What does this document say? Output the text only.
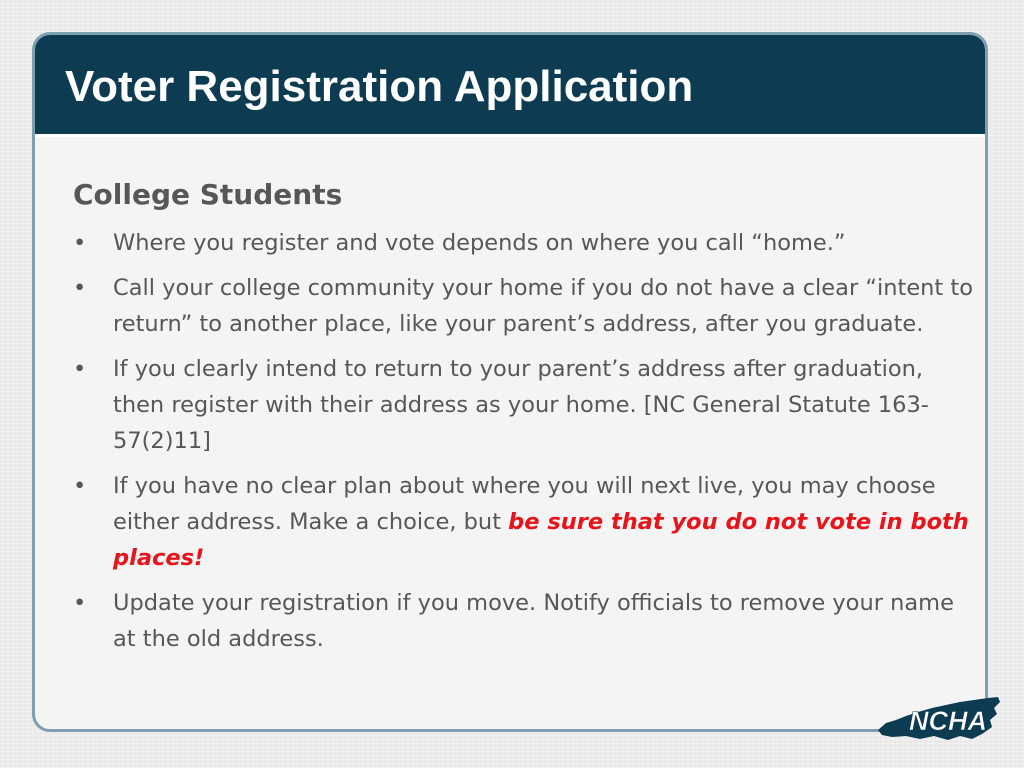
Voter Registration Application
College Students
• Where you register and vote depends on where you call “home.”
• Call your college community your home if you do not have a clear “intent to return” to another place, like your parent’s address, after you graduate.
• If you clearly intend to return to your parent’s address after graduation, then register with their address as your home. [NC General Statute 163-57(2)11]
• If you have no clear plan about where you will next live, you may choose either address. Make a choice, but be sure that you do not vote in both places!
• Update your registration if you move. Notify officials to remove your name at the old address.
NCHA
